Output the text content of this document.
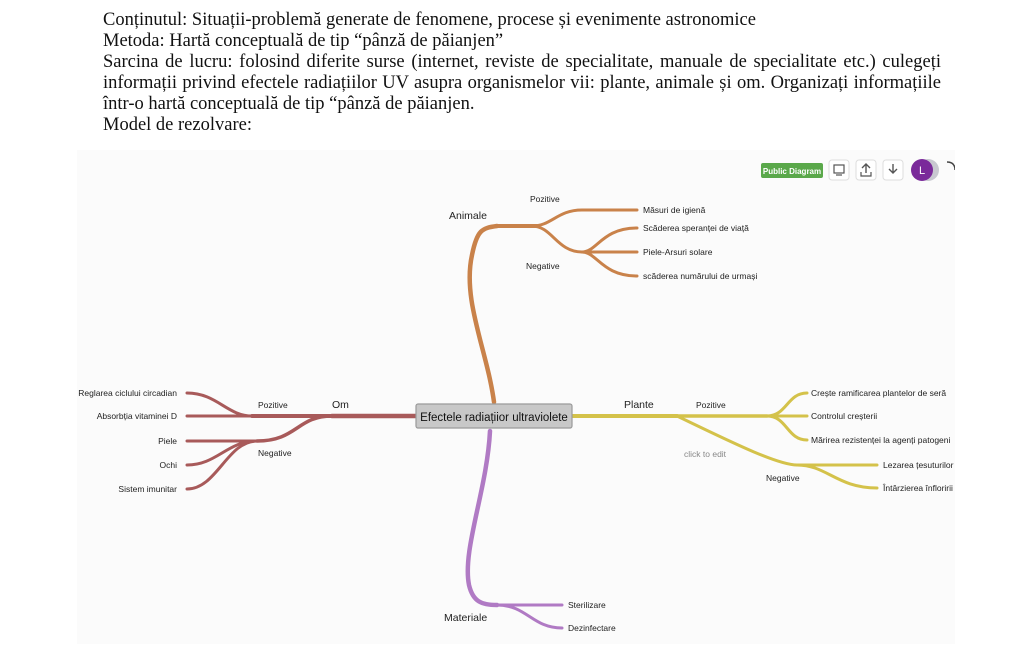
Conținutul: Situații-problemă generate de fenomene, procese și evenimente astronomice

Metoda: Hartă conceptuală de tip “pânză de păianjen”

Sarcina de lucru: folosind diferite surse (internet, reviste de specialitate, manuale de specialitate etc.) culegeți informații privind efectele radiațiilor UV asupra organismelor vii: plante, animale și om. Organizați informațiile într-o hartă conceptuală de tip “pânză de păianjen.

Model de rezolvare:

Efectele radiațiior ultraviolete
Animale
Pozitive
Negative
Măsuri de igienă
Scăderea speranței de viață
Piele-Arsuri solare
scăderea numărului de urmași
Plante	Pozitive
click to edit
Negative
Crește ramificarea plantelor de seră
Controlul creșterii
Mărirea rezistenței la agenți patogeni
Lezarea țesuturilor
Întârzierea înfloririi
Om
Pozitive
Negative
Reglarea ciclului circadian
Absorbția vitaminei D
Piele
Ochi
Sistem imunitar
Materiale
Sterilizare
Dezinfectare
Public Diagram	L
